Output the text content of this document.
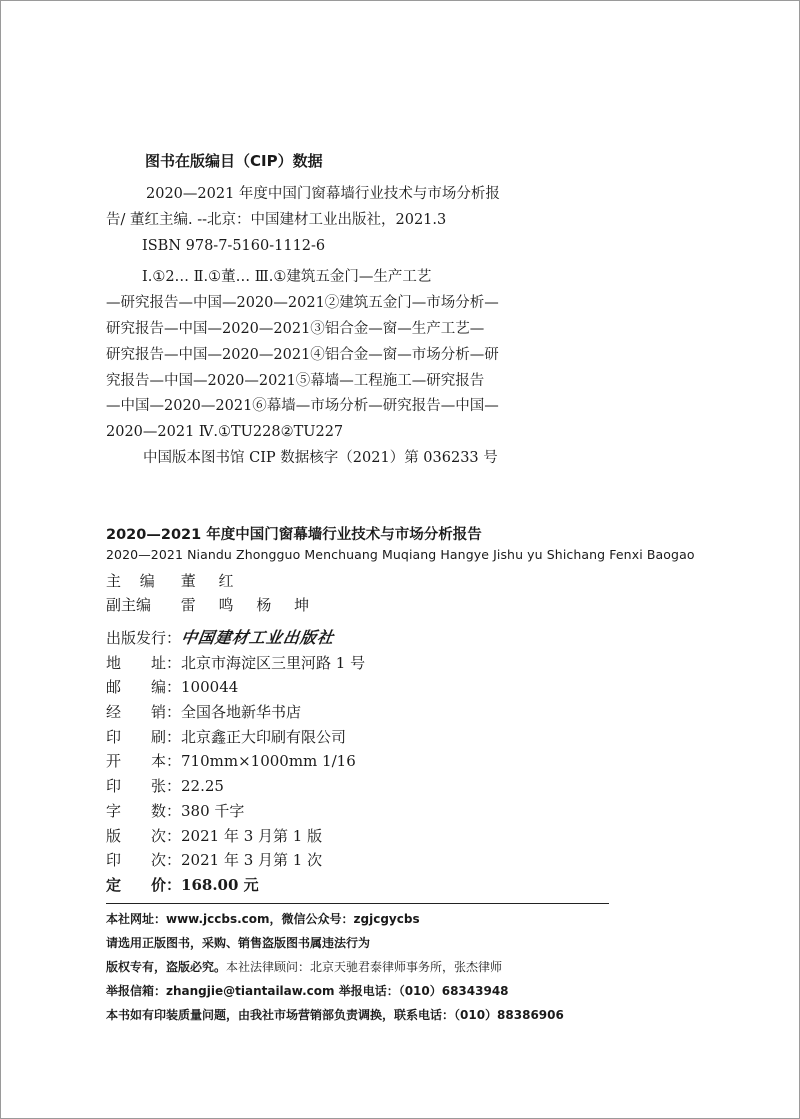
图书在版编目（CIP）数据
2020—2021 年度中国门窗幕墙行业技术与市场分析报
告/ 董红主编. --北京：中国建材工业出版社，2021.3
ISBN 978-7-5160-1112-6
Ⅰ.①2… Ⅱ.①董… Ⅲ.①建筑五金门—生产工艺
—研究报告—中国—2020—2021②建筑五金门—市场分析—
研究报告—中国—2020—2021③铝合金—窗—生产工艺—
研究报告—中国—2020—2021④铝合金—窗—市场分析—研
究报告—中国—2020—2021⑤幕墙—工程施工—研究报告
—中国—2020—2021⑥幕墙—市场分析—研究报告—中国—
2020—2021 Ⅳ.①TU228②TU227
中国版本图书馆 CIP 数据核字（2021）第 036233 号
2020—2021 年度中国门窗幕墙行业技术与市场分析报告
2020—2021 Niandu Zhongguo Menchuang Muqiang Hangye Jishu yu Shichang Fenxi Baogao
主 编 董 红
副主编 雷 鸣 杨 坤
出版发行：中国建材工业出版社
地　　址：北京市海淀区三里河路 1 号
邮　　编：100044
经　　销：全国各地新华书店
印　　刷：北京鑫正大印刷有限公司
开　　本：710mm×1000mm 1/16
印　　张：22.25
字　　数：380 千字
版　　次：2021 年 3 月第 1 版
印　　次：2021 年 3 月第 1 次
定　　价：168.00 元
本社网址：www.jccbs.com，微信公众号：zgjcgycbs
请选用正版图书，采购、销售盗版图书属违法行为
版权专有，盗版必究。本社法律顾问：北京天驰君泰律师事务所，张杰律师
举报信箱：zhangjie@tiantailaw.com 举报电话：（010）68343948
本书如有印装质量问题，由我社市场营销部负责调换，联系电话：（010）88386906
